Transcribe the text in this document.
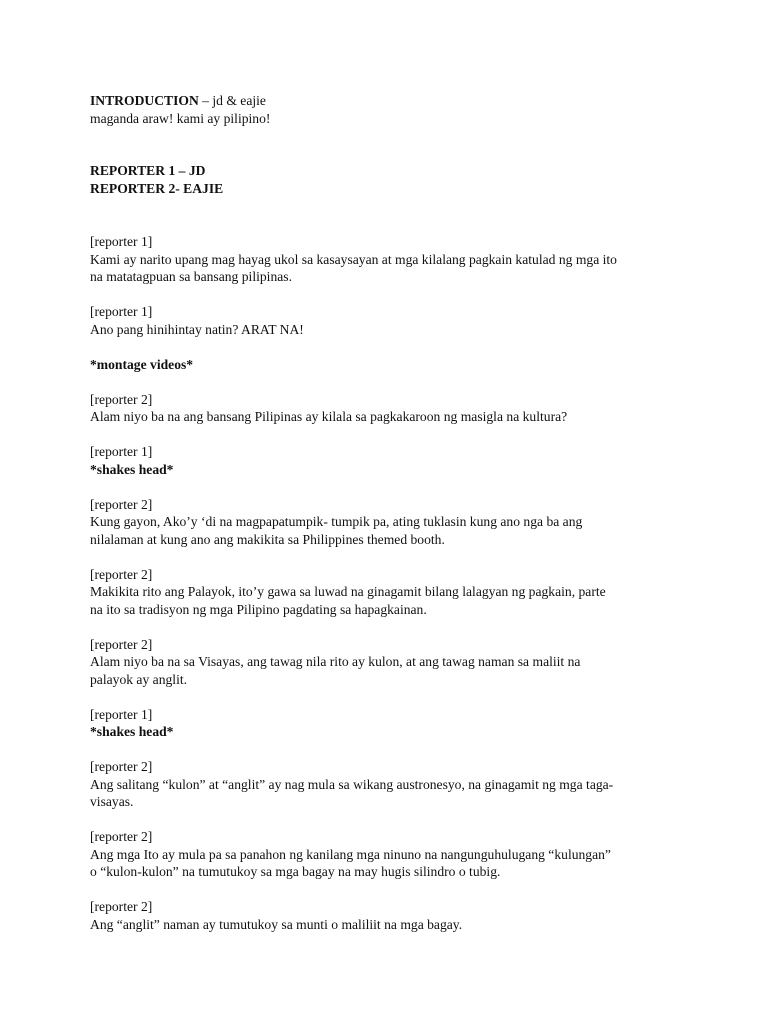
INTRODUCTION – jd & eajie
maganda araw! kami ay pilipino!
REPORTER 1 – JD
REPORTER 2- EAJIE
[reporter 1]
Kami ay narito upang mag hayag ukol sa kasaysayan at mga kilalang pagkain katulad ng mga ito
na matatagpuan sa bansang pilipinas.
[reporter 1]
Ano pang hinihintay natin? ARAT NA!
*montage videos*
[reporter 2]
Alam niyo ba na ang bansang Pilipinas ay kilala sa pagkakaroon ng masigla na kultura?
[reporter 1]
*shakes head*
[reporter 2]
Kung gayon, Ako’y ‘di na magpapatumpik- tumpik pa, ating tuklasin kung ano nga ba ang
nilalaman at kung ano ang makikita sa Philippines themed booth.
[reporter 2]
Makikita rito ang Palayok, ito’y gawa sa luwad na ginagamit bilang lalagyan ng pagkain, parte
na ito sa tradisyon ng mga Pilipino pagdating sa hapagkainan.
[reporter 2]
Alam niyo ba na sa Visayas, ang tawag nila rito ay kulon, at ang tawag naman sa maliit na
palayok ay anglit.
[reporter 1]
*shakes head*
[reporter 2]
Ang salitang “kulon” at “anglit” ay nag mula sa wikang austronesyo, na ginagamit ng mga taga-
visayas.
[reporter 2]
Ang mga Ito ay mula pa sa panahon ng kanilang mga ninuno na nangunguhulugang “kulungan”
o “kulon-kulon” na tumutukoy sa mga bagay na may hugis silindro o tubig.
[reporter 2]
Ang “anglit” naman ay tumutukoy sa munti o maliliit na mga bagay.
